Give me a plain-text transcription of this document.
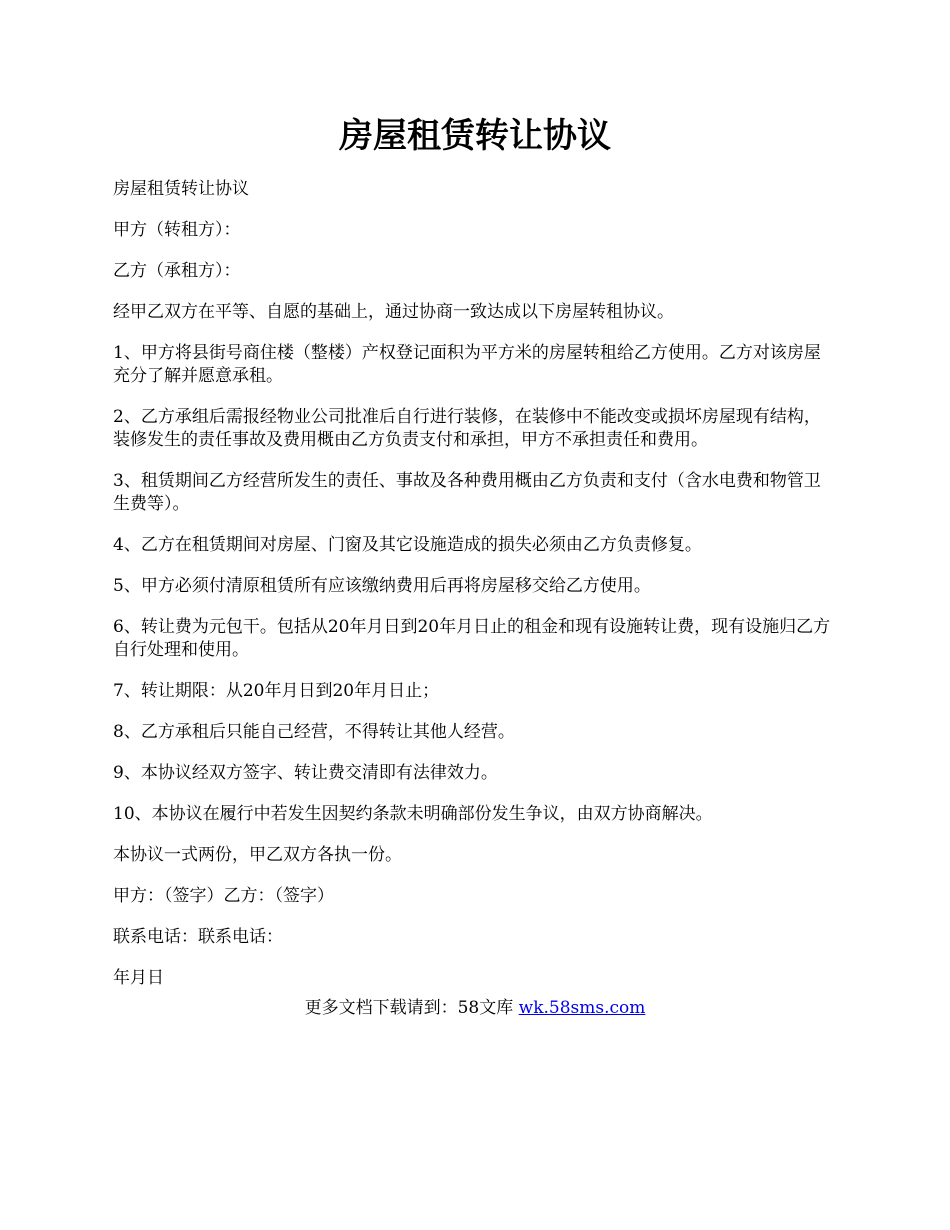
房屋租赁转让协议

房屋租赁转让协议

甲方（转租方）：

乙方（承租方）：

经甲乙双方在平等、自愿的基础上，通过协商一致达成以下房屋转租协议。

1、甲方将县街号商住楼（整楼）产权登记面积为平方米的房屋转租给乙方使用。乙方对该房屋充分了解并愿意承租。

2、乙方承组后需报经物业公司批准后自行进行装修，在装修中不能改变或损坏房屋现有结构，装修发生的责任事故及费用概由乙方负责支付和承担，甲方不承担责任和费用。

3、租赁期间乙方经营所发生的责任、事故及各种费用概由乙方负责和支付（含水电费和物管卫生费等）。

4、乙方在租赁期间对房屋、门窗及其它设施造成的损失必须由乙方负责修复。

5、甲方必须付清原租赁所有应该缴纳费用后再将房屋移交给乙方使用。

6、转让费为元包干。包括从20年月日到20年月日止的租金和现有设施转让费，现有设施归乙方自行处理和使用。

7、转让期限：从20年月日到20年月日止；

8、乙方承租后只能自己经营，不得转让其他人经营。

9、本协议经双方签字、转让费交清即有法律效力。

10、本协议在履行中若发生因契约条款未明确部份发生争议，由双方协商解决。

本协议一式两份，甲乙双方各执一份。

甲方：（签字）乙方：（签字）

联系电话：联系电话：

年月日

更多文档下载请到：58文库 wk.58sms.com
